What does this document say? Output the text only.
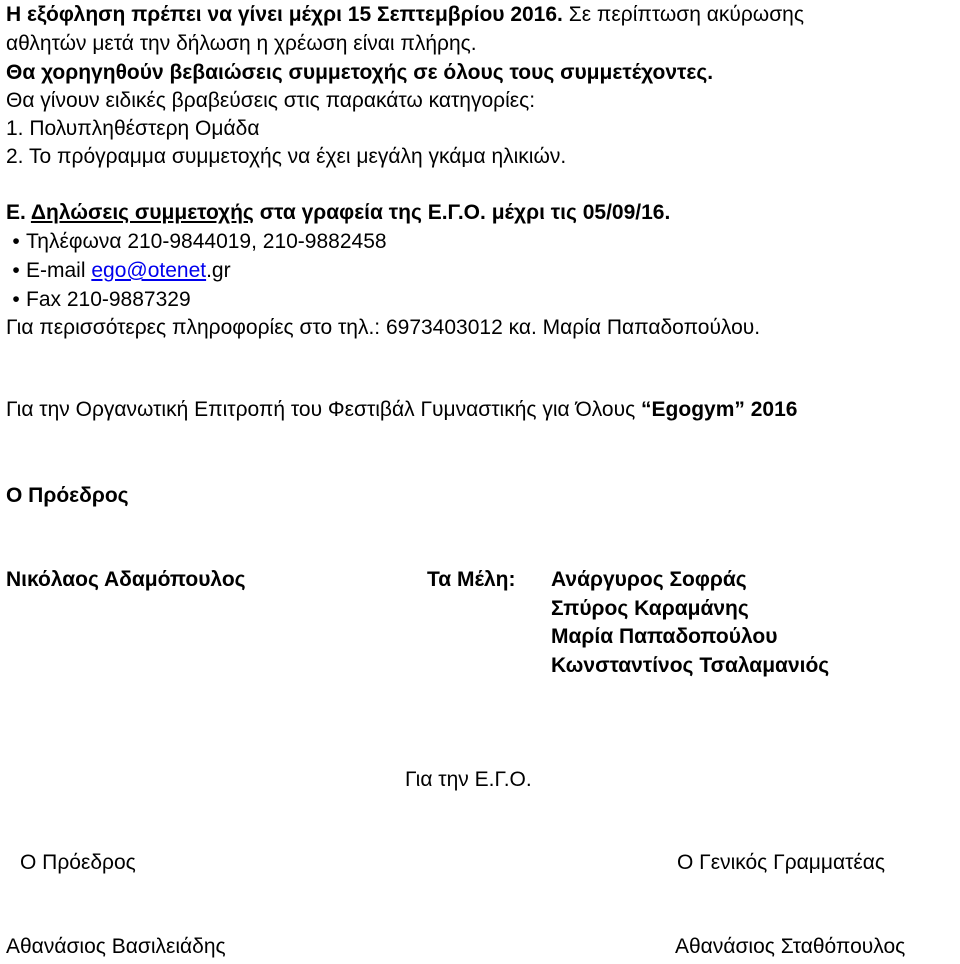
Η εξόφληση πρέπει να γίνει μέχρι 15 Σεπτεμβρίου 2016. Σε περίπτωση ακύρωσης
αθλητών μετά την δήλωση η χρέωση είναι πλήρης.
Θα χορηγηθούν βεβαιώσεις συμμετοχής σε όλους τους συμμετέχοντες.
Θα γίνουν ειδικές βραβεύσεις στις παρακάτω κατηγορίες:
1. Πολυπληθέστερη Ομάδα
2. Το πρόγραμμα συμμετοχής να έχει μεγάλη γκάμα ηλικιών.
Ε. Δηλώσεις συμμετοχής στα γραφεία της Ε.Γ.Ο. μέχρι τις 05/09/16.
• Τηλέφωνα 210-9844019, 210-9882458
• E-mail ego@otenet.gr
• Fax 210-9887329
Για περισσότερες πληροφορίες στο τηλ.: 6973403012 κα. Μαρία Παπαδοπούλου.
Για την Οργανωτική Επιτροπή του Φεστιβάλ Γυμναστικής για Όλους “Egogym” 2016
Ο Πρόεδρος
Νικόλαος Αδαμόπουλος	Τα Μέλη: Ανάργυρος Σοφράς
Σπύρος Καραμάνης
Μαρία Παπαδοπούλου
Κωνσταντίνος Τσαλαμανιός
Για την Ε.Γ.Ο.
Ο Πρόεδρος	Ο Γενικός Γραμματέας
Αθανάσιος Βασιλειάδης	Αθανάσιος Σταθόπουλος
